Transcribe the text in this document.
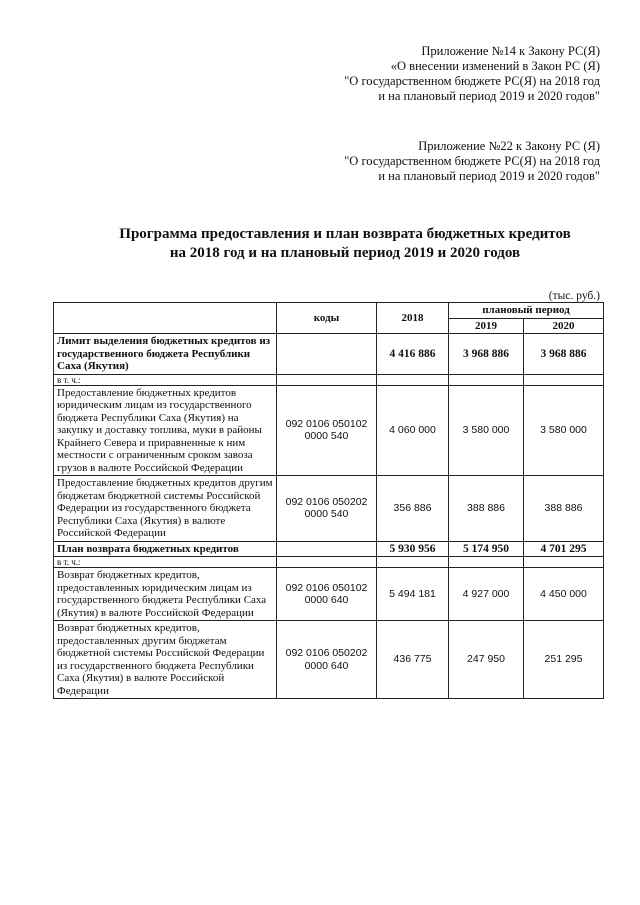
Приложение №14 к Закону РС(Я)
«О внесении изменений в Закон РС (Я)
"О государственном бюджете РС(Я) на 2018 год
и на плановый период 2019 и 2020 годов"
Приложение №22 к Закону РС (Я)
"О государственном бюджете РС(Я) на 2018 год
и на плановый период 2019 и 2020 годов"
Программа предоставления и план возврата бюджетных кредитов
на 2018 год и на плановый период 2019 и 2020 годов
(тыс. руб.)
	коды	2018	плановый период	
			2019	2020
Лимит выделения бюджетных кредитов из государственного бюджета Республики Саха (Якутия)		4 416 886	3 968 886	3 968 886
в т. ч.:				
Предоставление бюджетных кредитов юридическим лицам из государственного бюджета Республики Саха (Якутия) на закупку и доставку топлива, муки в районы Крайнего Севера и приравненные к ним местности с ограниченным сроком завоза грузов в валюте Российской Федерации	092 0106 050102 0000 540	4 060 000	3 580 000	3 580 000
Предоставление бюджетных кредитов другим бюджетам бюджетной системы Российской Федерации из государственного бюджета Республики Саха (Якутия) в валюте Российской Федерации	092 0106 050202 0000 540	356 886	388 886	388 886
План возврата бюджетных кредитов		5 930 956	5 174 950	4 701 295
в т. ч.:				
Возврат бюджетных кредитов, предоставленных юридическим лицам из государственного бюджета Республики Саха (Якутия) в валюте Российской Федерации	092 0106 050102 0000 640	5 494 181	4 927 000	4 450 000
Возврат бюджетных кредитов, предоставленных другим бюджетам бюджетной системы Российской Федерации из государственного бюджета Республики Саха (Якутия) в валюте Российской Федерации	092 0106 050202 0000 640	436 775	247 950	251 295
